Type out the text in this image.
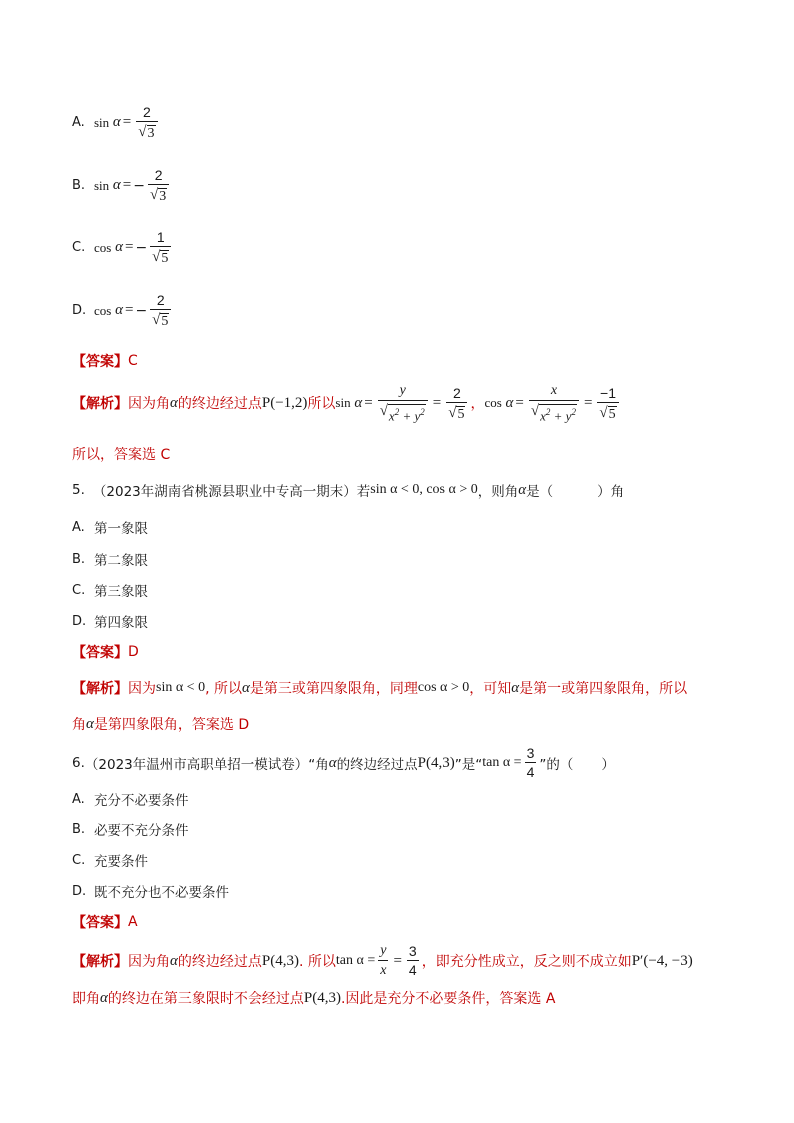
A. $\sin \alpha = \frac{2}{√ 3}$
B. sin α = − $\frac{2}{√ 3}$
C. cos α = − $\frac{1}{√ 5}$
D. cos α = − $\frac{2}{√ 5}$
【答案】 C
【解析】 因为角 α 的终边经过点 P(−1,2) 所以 $\sin \alpha = \frac{y}{√ x^2 + y^2} = \frac{2}{√ 5}$ ， $\cos \alpha = \frac{x}{√ x^2 + y^2} = \frac{-1}{√ 5}$
所以，答案选 C
5. （2023年湖南省桃源县职业中专高一期末）若 sin α < 0, cos α > 0 ，则角 α 是（	）角
A. 第一象限
B. 第二象限
C. 第三象限
D. 第四象限
【答案】 D
【解析】 因为 sin α < 0 , 所以 α 是第三或第四象限角，同理 cos α > 0 ，可知 α 是第一或第四象限角，所以
角 α 是第四象限角，答案选 D
6. （2023年温州市高职单招一模试卷）“角 α 的终边经过点 P(4,3) ”是“ $\tan \alpha = \frac{3}{4}$ ”的（ ）
A. 充分不必要条件
B. 必要不充分条件
C. 充要条件
D. 既不充分也不必要条件
【答案】 A
【解析】 因为角 α 的终边经过点 P(4,3) . 所以 $\tan \alpha = \frac{y}{x} = \frac{3}{4}$ ，即充分性成立，反之则不成立如 P′(−4, −3)
即角 α 的终边在第三象限时不会经过点 P(4,3) .因此是充分不必要条件，答案选 A
